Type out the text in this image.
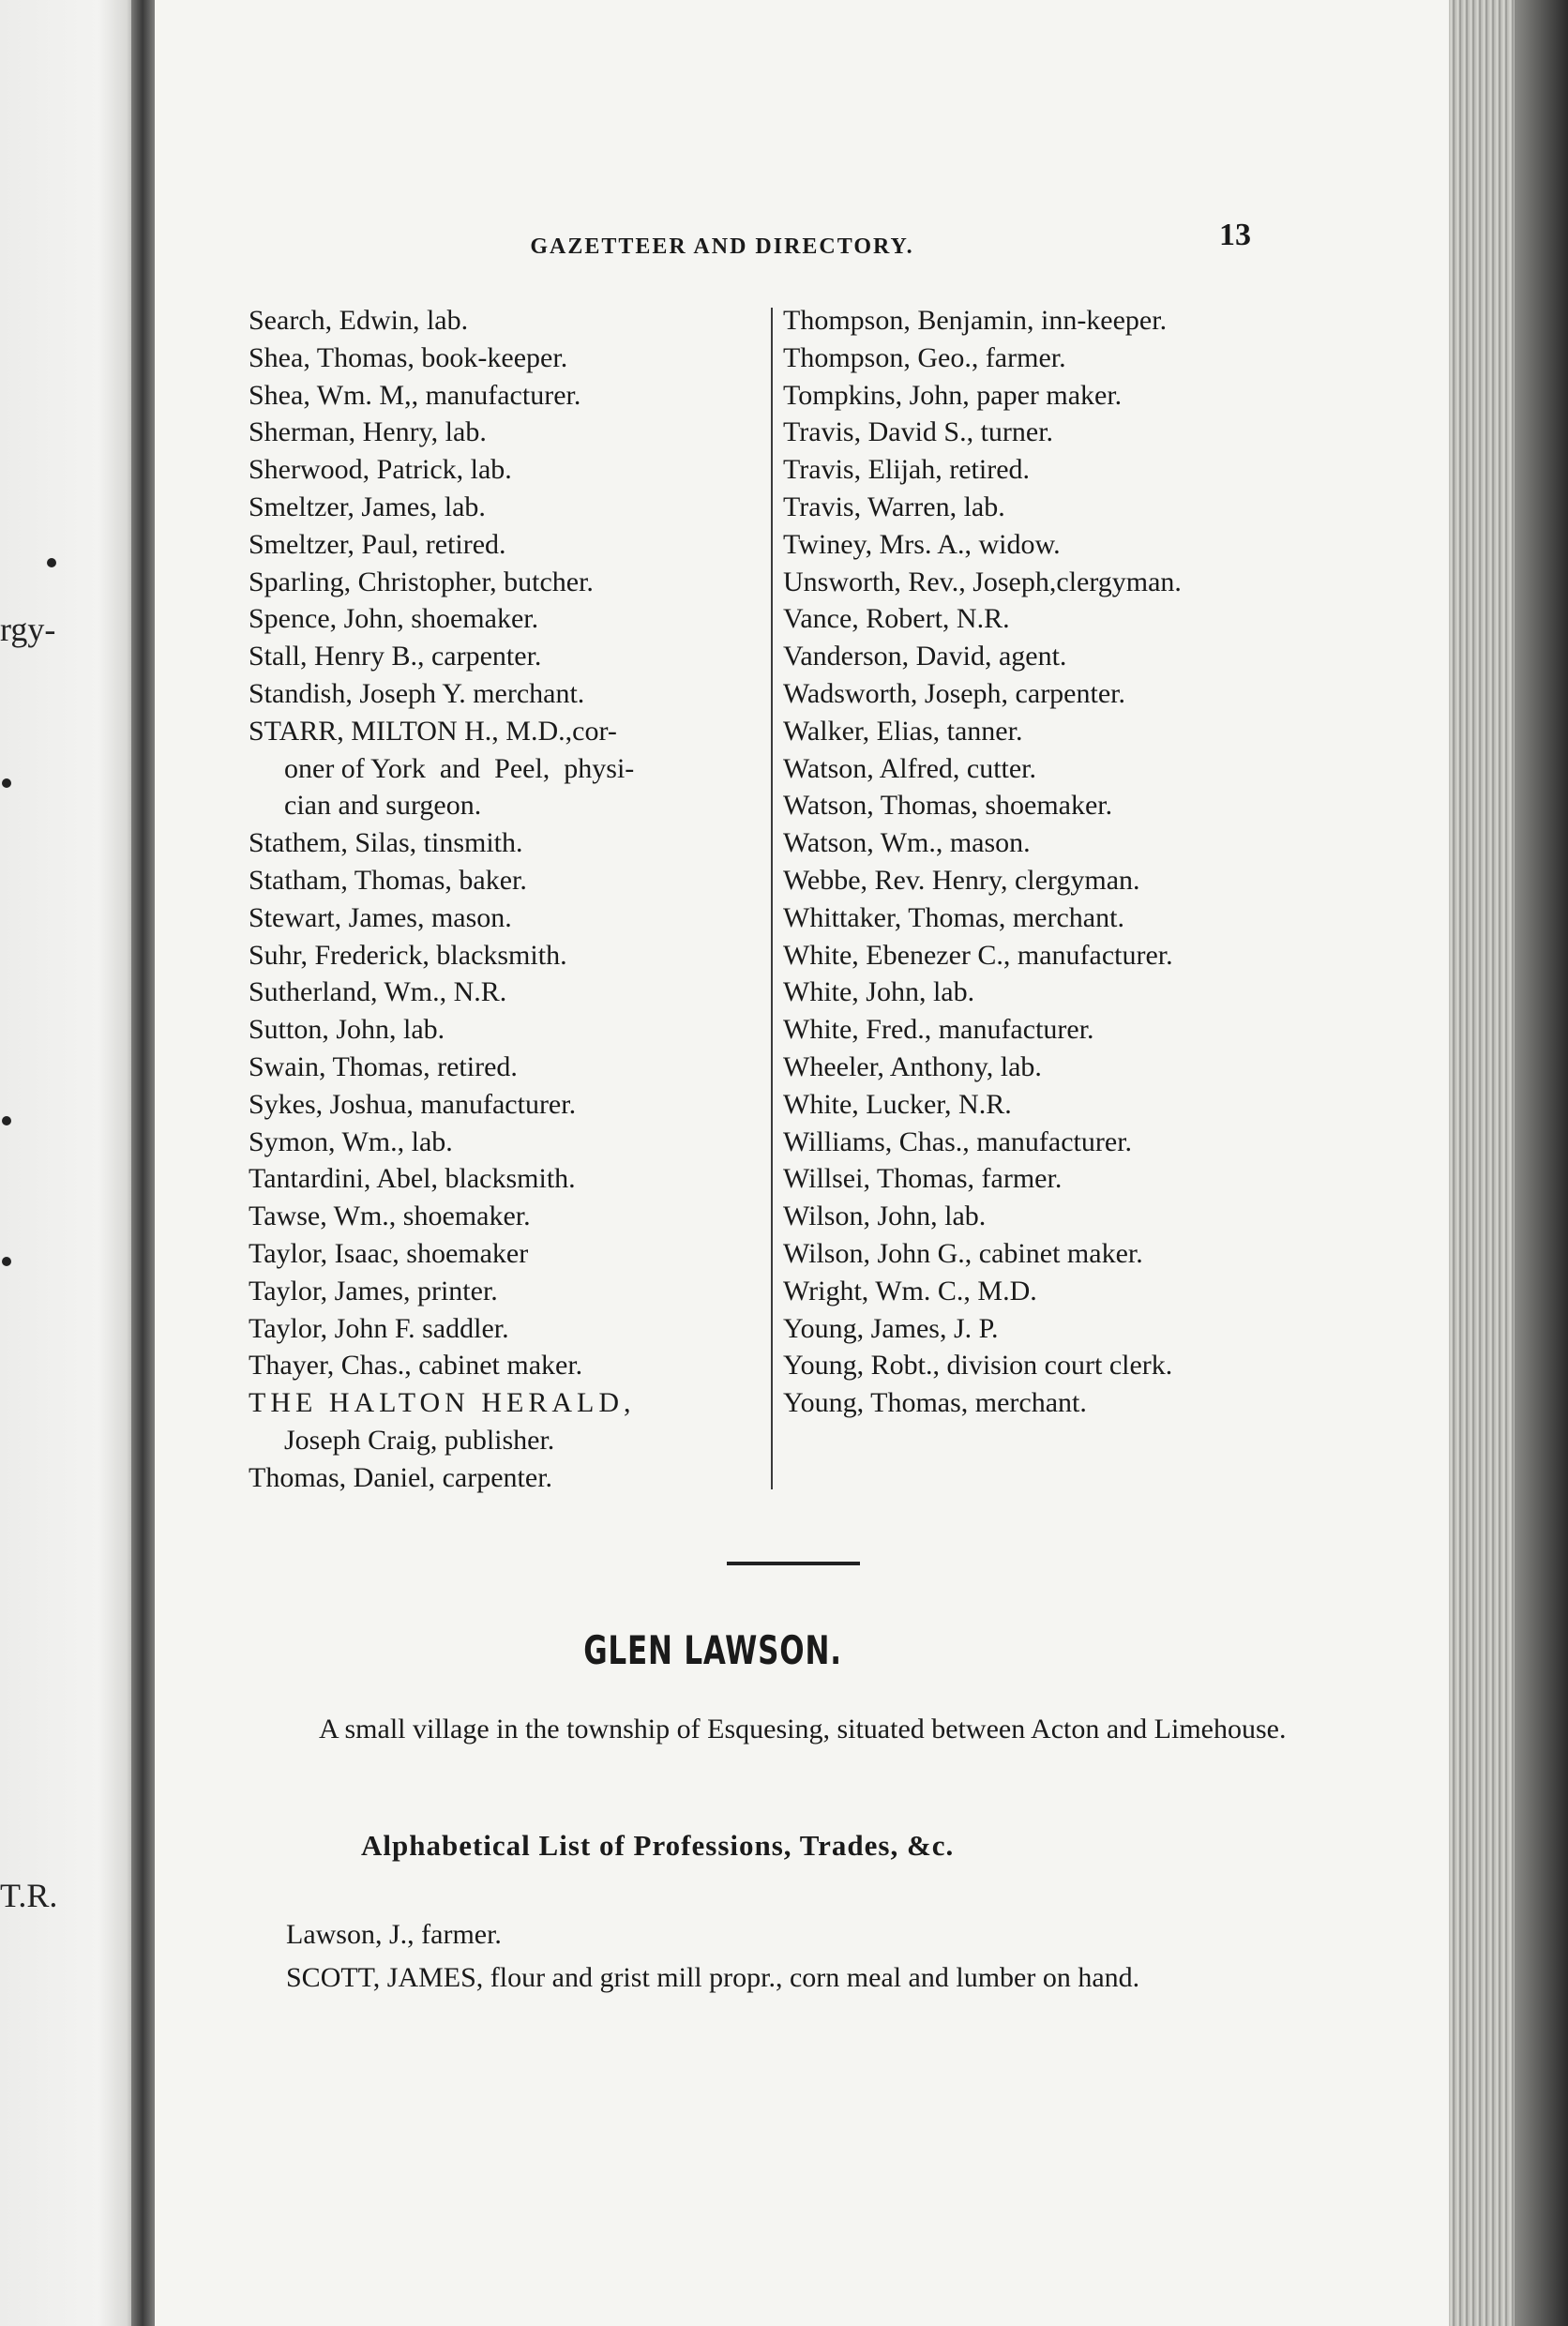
rgy-
T.R.
GAZETTEER AND DIRECTORY.	13
Search, Edwin, lab.
Shea, Thomas, book-keeper.
Shea, Wm. M,, manufacturer.
Sherman, Henry, lab.
Sherwood, Patrick, lab.
Smeltzer, James, lab.
Smeltzer, Paul, retired.
Sparling, Christopher, butcher.
Spence, John, shoemaker.
Stall, Henry B., carpenter.
Standish, Joseph Y. merchant.
STARR, MILTON H., M.D.,cor-
oner of York  and  Peel,  physi-
cian and surgeon.
Stathem, Silas, tinsmith.
Statham, Thomas, baker.
Stewart, James, mason.
Suhr, Frederick, blacksmith.
Sutherland, Wm., N.R.
Sutton, John, lab.
Swain, Thomas, retired.
Sykes, Joshua, manufacturer.
Symon, Wm., lab.
Tantardini, Abel, blacksmith.
Tawse, Wm., shoemaker.
Taylor, Isaac, shoemaker
Taylor, James, printer.
Taylor, John F. saddler.
Thayer, Chas., cabinet maker.
THE HALTON HERALD,
Joseph Craig, publisher.
Thomas, Daniel, carpenter.
Thompson, Benjamin, inn-keeper.
Thompson, Geo., farmer.
Tompkins, John, paper maker.
Travis, David S., turner.
Travis, Elijah, retired.
Travis, Warren, lab.
Twiney, Mrs. A., widow.
Unsworth, Rev., Joseph,clergyman.
Vance, Robert, N.R.
Vanderson, David, agent.
Wadsworth, Joseph, carpenter.
Walker, Elias, tanner.
Watson, Alfred, cutter.
Watson, Thomas, shoemaker.
Watson, Wm., mason.
Webbe, Rev. Henry, clergyman.
Whittaker, Thomas, merchant.
White, Ebenezer C., manufacturer.
White, John, lab.
White, Fred., manufacturer.
Wheeler, Anthony, lab.
White, Lucker, N.R.
Williams, Chas., manufacturer.
Willsei, Thomas, farmer.
Wilson, John, lab.
Wilson, John G., cabinet maker.
Wright, Wm. C., M.D.
Young, James, J. P.
Young, Robt., division court clerk.
Young, Thomas, merchant.
GLEN LAWSON.
A small village in the township of Esquesing, situated between Acton and Limehouse.
Alphabetical List of Professions, Trades, &c.
Lawson, J., farmer.
SCOTT, JAMES, flour and grist mill propr., corn meal and lumber on hand.
